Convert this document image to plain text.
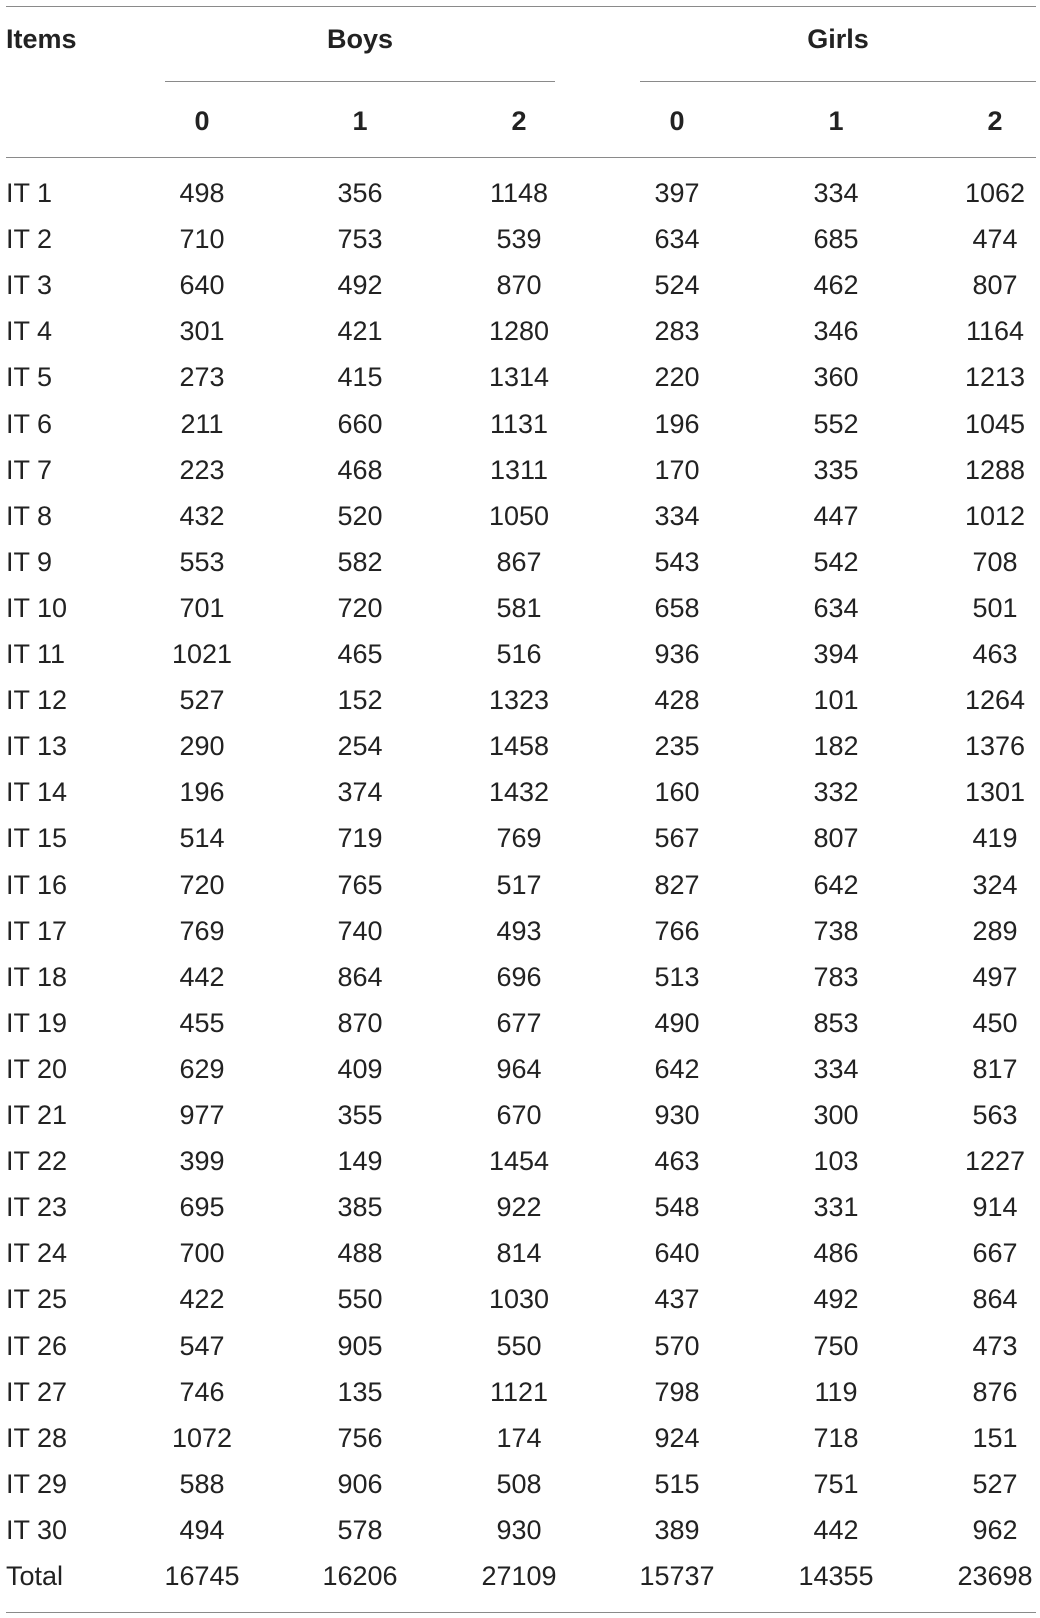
Items	Boys	Girls
0	1	2	0	1	2
IT 1	498	356	1148	397	334	1062
IT 2	710	753	539	634	685	474
IT 3	640	492	870	524	462	807
IT 4	301	421	1280	283	346	1164
IT 5	273	415	1314	220	360	1213
IT 6	211	660	1131	196	552	1045
IT 7	223	468	1311	170	335	1288
IT 8	432	520	1050	334	447	1012
IT 9	553	582	867	543	542	708
IT 10	701	720	581	658	634	501
IT 11	1021	465	516	936	394	463
IT 12	527	152	1323	428	101	1264
IT 13	290	254	1458	235	182	1376
IT 14	196	374	1432	160	332	1301
IT 15	514	719	769	567	807	419
IT 16	720	765	517	827	642	324
IT 17	769	740	493	766	738	289
IT 18	442	864	696	513	783	497
IT 19	455	870	677	490	853	450
IT 20	629	409	964	642	334	817
IT 21	977	355	670	930	300	563
IT 22	399	149	1454	463	103	1227
IT 23	695	385	922	548	331	914
IT 24	700	488	814	640	486	667
IT 25	422	550	1030	437	492	864
IT 26	547	905	550	570	750	473
IT 27	746	135	1121	798	119	876
IT 28	1072	756	174	924	718	151
IT 29	588	906	508	515	751	527
IT 30	494	578	930	389	442	962
Total	16745	16206	27109	15737	14355	23698
